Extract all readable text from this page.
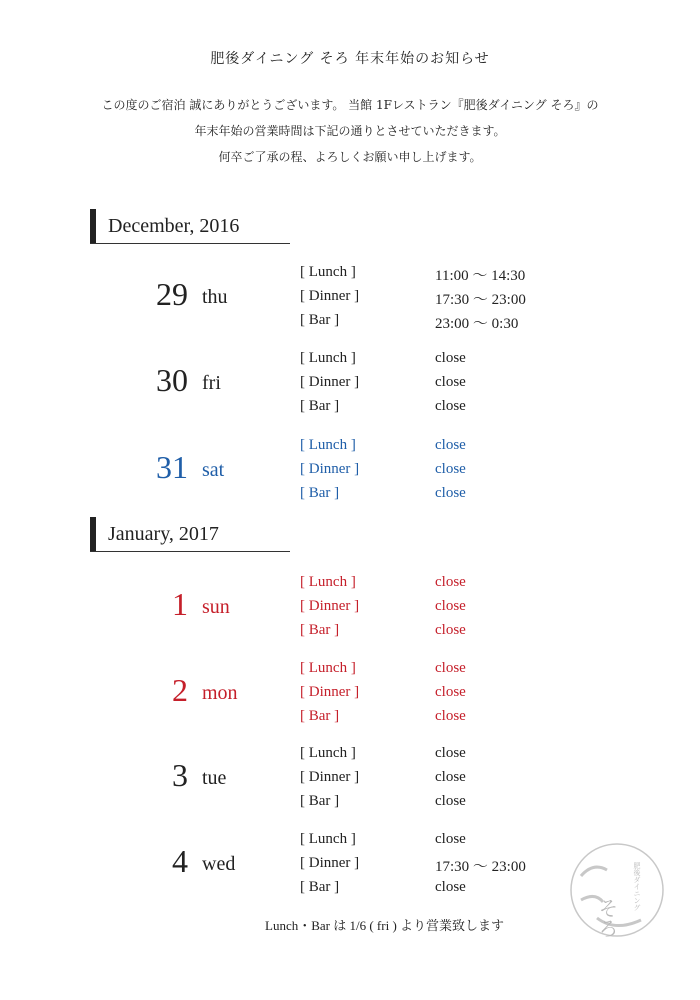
肥後ダイニング そろ 年末年始のお知らせ
この度のご宿泊 誠にありがとうございます。 当館 1Fレストラン『肥後ダイニング そろ』の
年末年始の営業時間は下記の通りとさせていただきます。
何卒ご了承の程、よろしくお願い申し上げます。
December, 2016
January, 2017
29 thu
[ Lunch ]	11:00 ～ 14:30
[ Dinner ]	17:30 ～ 23:00
[ Bar ]	23:00 ～ 0:30
30 fri
[ Lunch ]	close
[ Dinner ]	close
[ Bar ]	close
31 sat
[ Lunch ]	close
[ Dinner ]	close
[ Bar ]	close
1 sun
[ Lunch ]	close
[ Dinner ]	close
[ Bar ]	close
2 mon
[ Lunch ]	close
[ Dinner ]	close
[ Bar ]	close
3 tue
[ Lunch ]	close
[ Dinner ]	close
[ Bar ]	close
4 wed
[ Lunch ]	close
[ Dinner ]	17:30 ～ 23:00
[ Bar ]	close
Lunch・Bar は 1/6 ( fri ) より営業致します	そろ
肥後ダイニング
